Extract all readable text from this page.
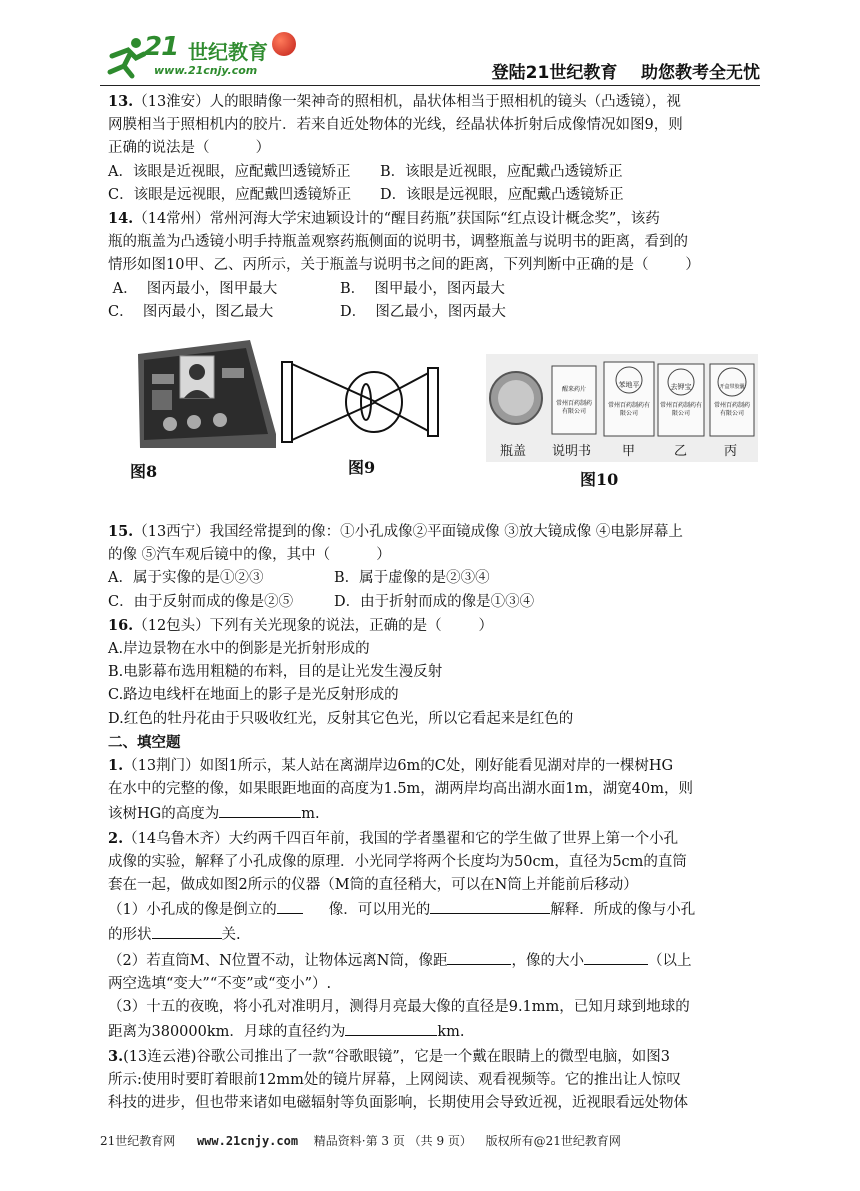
21 世纪教育
www.21cnjy.com	登陆21世纪教育    助您教考全无忧

13.（13淮安）人的眼睛像一架神奇的照相机，晶状体相当于照相机的镜头（凸透镜），视

网膜相当于照相机内的胶片．若来自近处物体的光线，经晶状体折射后成像情况如图9，则

正确的说法是（          ）

A．该眼是近视眼，应配戴凹透镜矫正	B．该眼是近视眼，应配戴凸透镜矫正
C．该眼是远视眼，应配戴凹透镜矫正	D．该眼是远视眼，应配戴凸透镜矫正

14.（14常州）常州河海大学宋迪颖设计的“醒目药瓶”获国际“红点设计概念奖”，该药

瓶的瓶盖为凸透镜小明手持瓶盖观察药瓶侧面的说明书，调整瓶盖与说明书的距离，看到的

情形如图10甲、乙、丙所示，关于瓶盖与说明书之间的距离，下列判断中正确的是（        ）

A．  图丙最小，图甲最大	B．  图甲最小，图丙最大
C．  图丙最小，图乙最大	D．  图乙最小，图丙最大
醒来药片
常州百药制药有限公司
苯地平
常州百药制药有限公司
去钾宝
常州百药制药有限公司
开盒带胶囊
常州百药制药有限公司
瓶盖 说明书 甲	乙	丙
图8	图9
图10

15.（13西宁）我国经常提到的像：①小孔成像②平面镜成像 ③放大镜成像 ④电影屏幕上

的像 ⑤汽车观后镜中的像，其中（          ）

A．属于实像的是①②③	B．属于虚像的是②③④
C．由于反射而成的像是②⑤	D．由于折射而成的像是①③④

16.（12包头）下列有关光现象的说法，正确的是（        ）

A.岸边景物在水中的倒影是光折射形成的

B.电影幕布选用粗糙的布料，目的是让光发生漫反射

C.路边电线杆在地面上的影子是光反射形成的

D.红色的牡丹花由于只吸收红光，反射其它色光，所以它看起来是红色的

二、填空题

1.（13荆门）如图1所示，某人站在离湖岸边6m的C处，刚好能看见湖对岸的一棵树HG

在水中的完整的像，如果眼距地面的高度为1.5m，湖两岸均高出湖水面1m，湖宽40m，则

该树HG的高度为	m.

2.（14乌鲁木齐）大约两千四百年前，我国的学者墨翟和它的学生做了世界上第一个小孔

成像的实验，解释了小孔成像的原理．小光同学将两个长度均为50cm，直径为5cm的直筒

套在一起，做成如图2所示的仪器（M筒的直径稍大，可以在N筒上并能前后移动）

（1）小孔成的像是倒立的	像．可以用光的	解释．所成的像与小孔

的形状	关.

（2）若直筒M、N位置不动，让物体远离N筒，像距	，像的大小	（以上

两空选填“变大”“不变”或“变小”）.

（3）十五的夜晚，将小孔对准明月，测得月亮最大像的直径是9.1mm，已知月球到地球的

距离为380000km．月球的直径约为	km.

3.(13连云港)谷歌公司推出了一款“谷歌眼镜”，它是一个戴在眼睛上的微型电脑，如图3

所示:使用时要盯着眼前12mm处的镜片屏幕，上网阅读、观看视频等。它的推出让人惊叹

科技的进步，但也带来诸如电磁辐射等负面影响，长期使用会导致近视，近视眼看远处物体

21世纪教育网 www.21cnjy.com 精品资料·第 3 页 （共 9 页） 版权所有@21世纪教育网
